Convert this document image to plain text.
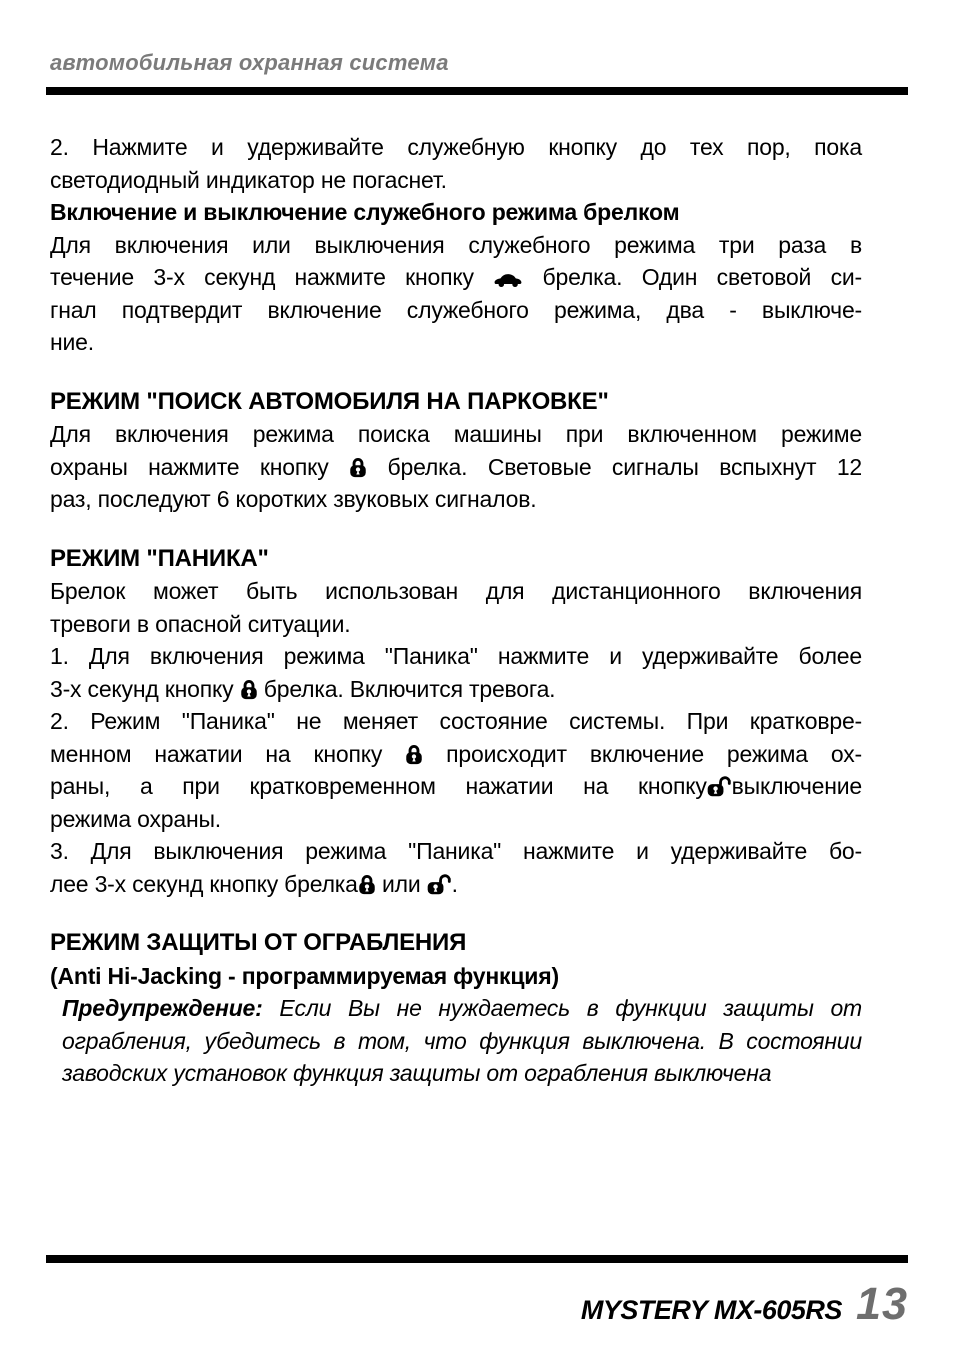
автомобильная охранная система
2. Нажмите и удерживайте служебную кнопку до тех пор, пока
светодиодный индикатор не погаснет.
Включение и выключение служебного режима брелком
Для включения или выключения служебного режима три раза в
течение 3-х секунд нажмите кнопку  брелка. Один световой си-
гнал подтвердит включение служебного режима, два - выключе-
ние.
РЕЖИМ "ПОИСК АВТОМОБИЛЯ НА ПАРКОВКЕ"
Для включения режима поиска машины при включенном режиме
охраны нажмите кнопку  брелка. Световые сигналы вспыхнут 12
раз, последуют 6 коротких звуковых сигналов.
РЕЖИМ "ПАНИКА"
Брелок может быть использован для дистанционного включения
тревоги в опасной ситуации.
1. Для включения режима "Паника" нажмите и удерживайте более
3-х секунд кнопку  брелка. Включится тревога.
2. Режим "Паника" не меняет состояние системы. При кратковре-
менном нажатии на кнопку  происходит включение режима ох-
раны, а при кратковременном нажатии на кнопку выключение
режима охраны.
3. Для выключения режима "Паника" нажмите и удерживайте бо-
лее 3-х секунд кнопку брелка или .
РЕЖИМ ЗАЩИТЫ ОТ ОГРАБЛЕНИЯ
(Anti Hi-Jacking - программируемая функция)
Предупреждение: Если Вы не нуждаетесь в функции защиты от
ограбления, убедитесь в том, что функция выключена. В состоянии
заводских установок функция защиты от ограбления выключена
MYSTERY MX-605RS 13
